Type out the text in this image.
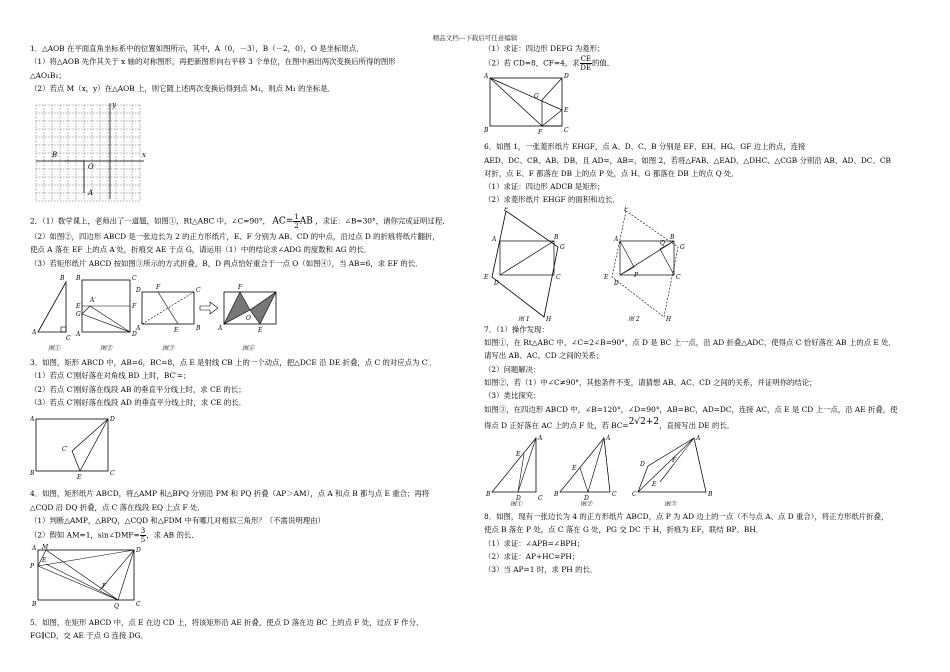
精品文档---下载后可任意编辑

1．△AOB 在平面直角坐标系中的位置如图所示，其中，A（0，－3），B（－2，0），O 是坐标原点．

（1）将△AOB 先作其关于 x 轴的对称图形，再把新图形向右平移 3 个单位，在图中画出两次变换后所得的图形

△AO₁B₁；

（2）若点 M（x，y）在△AOB 上，则它随上述两次变换后得到点 M₁，则点 M₁ 的坐标是．

y
x
B
O
A

2．（1）数学课上，老师出了一道题，如图①，Rt△ABC 中，∠C=90°， $AC= \frac{1}{2}$ AB ，求证：∠B=30°，请你完成证明过程．

（2）如图②，四边形 ABCD 是一张边长为 2 的正方形纸片，E、F 分别为 AB、CD 的中点，沿过点 D 的折痕将纸片翻折，

使点 A 落在 EF 上的点 A′处，折痕交 AE 于点 G，请运用（1）中的结论求∠ADG 的度数和 AG 的长．

（3）若矩形纸片 ABCD 按如图③所示的方式折叠，B，D 两点恰好重合于一点 O（如图④），当 AB=6，求 EF 的长．

B
A
C
图①
B
E
G
A
A′
C
F
D
图②
D	F	C
A	E	B
图③
F
O
E
A
图④

3．如图，矩形 ABCD 中，AB=6，BC=8，点 E 是射线 CB 上的一个动点，把△DCE 沿 DE 折叠，点 C 的对应点为 C′．

（1）若点 C′刚好落在对角线 BD 上时，BC′=；

（2）若点 C′刚好落在线段 AB 的垂直平分线上时，求 CE 的长；

（3）若点 C′刚好落在线段 AD 的垂直平分线上时，求 CE 的长．

A	D
B	C
E
C′

4．如图，矩形纸片 ABCD，将△AMP 和△BPQ 分别沿 PM 和 PQ 折叠（AP＞AM），点 A 和点 B 都与点 E 重合；再将

△CQD 沿 DQ 折叠，点 C 落在线段 EQ 上点 F 处．

（1）判断△AMP，△BPQ，△CQD 和△FDM 中有哪几对相似三角形？（不需说明理由）

（2）假如 AM=1，sin∠DMF= $\frac{3}{5}$ ，求 AB 的长．

A M	D
E
P
F
B	Q	C

5．如图，在矩形 ABCD 中，点 E 在边 CD 上，将该矩形沿 AE 折叠，使点 D 落在边 BC 上的点 F 处，过点 F 作分、

FG∥CD，交 AE 于点 G 连接 DG．

（1）求证：四边形 DEFG 为菱形；

（2）若 CD=8，CF=4，求 $\frac{CE}{DE}$ 的值．

A	D
G
E
B	F	C

6．如图 1，一张菱形纸片 EHGF，点 A、D、C、B 分别是 EF、EH、HG、GF 边上的点，连接

AED、DC、CB、AB、DB，且 AD=，AB=，如图 2，若将△FAB、△EAD、△DHC、△CGB 分别沿 AB、AD、DC、CB

对折，点 E、F 都落在 DB 上的点 P 处，点 H、G 都落在 DB 上的点 Q 处．

（1）求证：四边形 ADCB 是矩形；

（2）求菱形纸片 EHGF 的面积和边长．

F
A	B
G
E
D
C
H
图 1
F
A
Q
B
G
E
D
P	C
H
图 2

7．（1）操作发现：

如图①，在 Rt△ABC 中，∠C=2∠B=90°，点 D 是 BC 上一点，沿 AD 折叠△ADC，使得点 C 恰好落在 AB 上的点 E 处．

请写出 AB、AC、CD 之间的关系；

（2）问题解决：

如图②，若（1）中∠C≠90°，其他条件不变，请猜想 AB、AC、CD 之间的关系，并证明你的结论；

（3）类比探究：

如图③，在四边形 ABCD 中，∠B=120°，∠D=90°，AB=BC，AD=DC，连接 AC，点 E 是 CD 上一点，沿 AE 折叠，使

得点 D 正好落在 AC 上的点 F 处，若 BC=2√2+2，直接写出 DE 的长．

A
E
B
D	C
图①
A
E
B
D
C
图②
A
D
F
E
C	B
图③

8．如图，现有一张边长为 4 的正方形纸片 ABCD，点 P 为 AD 边上的一点（不与点 A、点 D 重合），将正方形纸片折叠，

使点 B 落在 P 处，点 C 落在 G 处，PG 交 DC 于 H，折痕为 EF，联结 BP、BH．

（1）求证：∠APB=∠BPH；

（2）求证：AP+HC=PH；

（3）当 AP=1 时，求 PH 的长．
